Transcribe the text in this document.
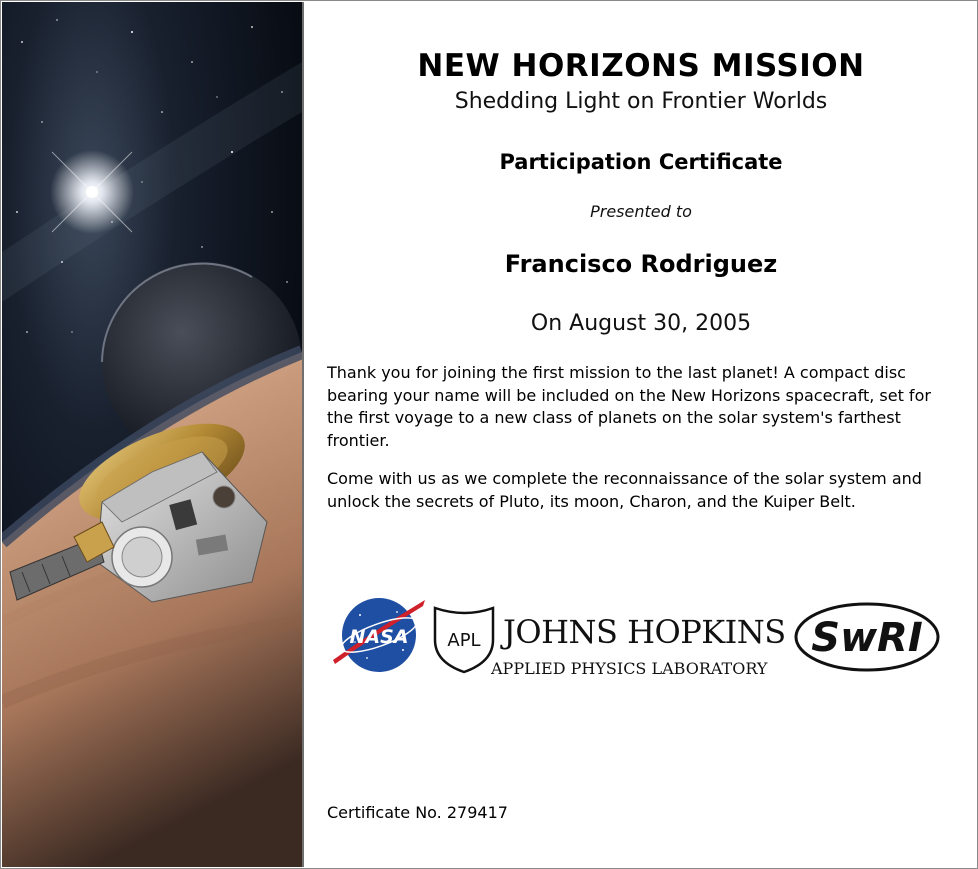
NEW HORIZONS MISSION
Shedding Light on Frontier Worlds
Participation Certificate
Presented to
Francisco Rodriguez
On August 30, 2005

Thank you for joining the first mission to the last planet! A compact disc bearing your name will be included on the New Horizons spacecraft, set for the first voyage to a new class of planets on the solar system's farthest frontier.

Come with us as we complete the reconnaissance of the solar system and unlock the secrets of Pluto, its moon, Charon, and the Kuiper Belt.

NASA APL JOHNS HOPKINS
APPLIED PHYSICS LABORATORY
SwRI
Certificate No. 279417
